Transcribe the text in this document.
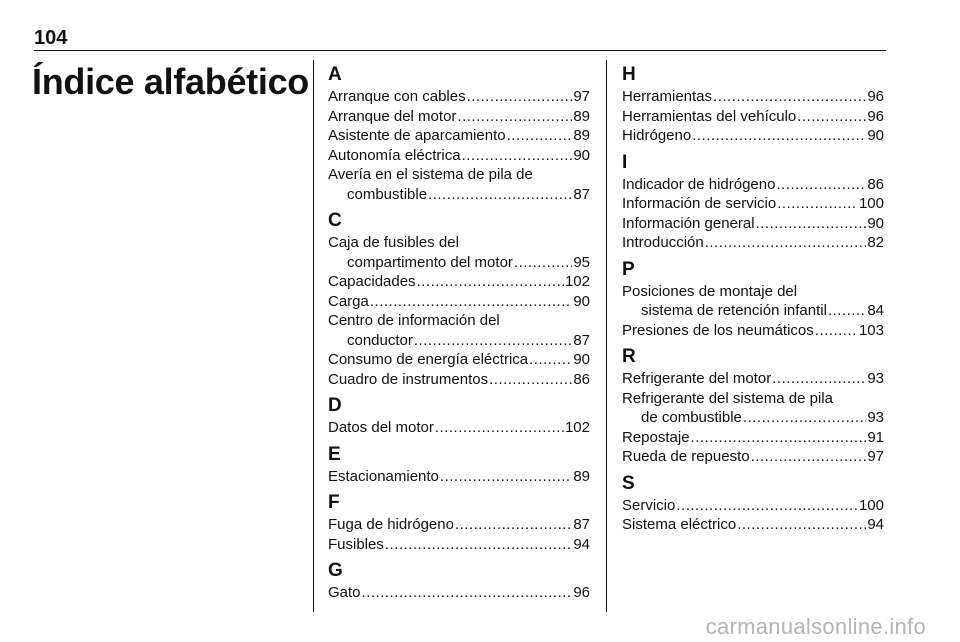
104
Índice alfabético A
Arranque con cables .....	97
Arranque del motor .....	89
Asistente de aparcamiento .....	89
Autonomía eléctrica .....	90
Avería en el sistema de pila de
combustible .....	87
C
Caja de fusibles del
compartimento del motor .....	95
Capacidades .....	102
Carga .....	90
Centro de información del
conductor .....	87
Consumo de energía eléctrica .....	90
Cuadro de instrumentos .....	86
D
Datos del motor .....	102
E
Estacionamiento .....	89
F
Fuga de hidrógeno .....	87
Fusibles .....	94
G
Gato .....	96
H
Herramientas .....	96
Herramientas del vehículo .....	96
Hidrógeno .....	90
I
Indicador de hidrógeno .....	86
Información de servicio .....	100
Información general .....	90
Introducción .....	82
P
Posiciones de montaje del
sistema de retención infantil .....	84
Presiones de los neumáticos .....	103
R
Refrigerante del motor .....	93
Refrigerante del sistema de pila
de combustible .....	93
Repostaje .....	91
Rueda de repuesto .....	97
S
Servicio .....	100
Sistema eléctrico .....	94
carmanualsonline.info
